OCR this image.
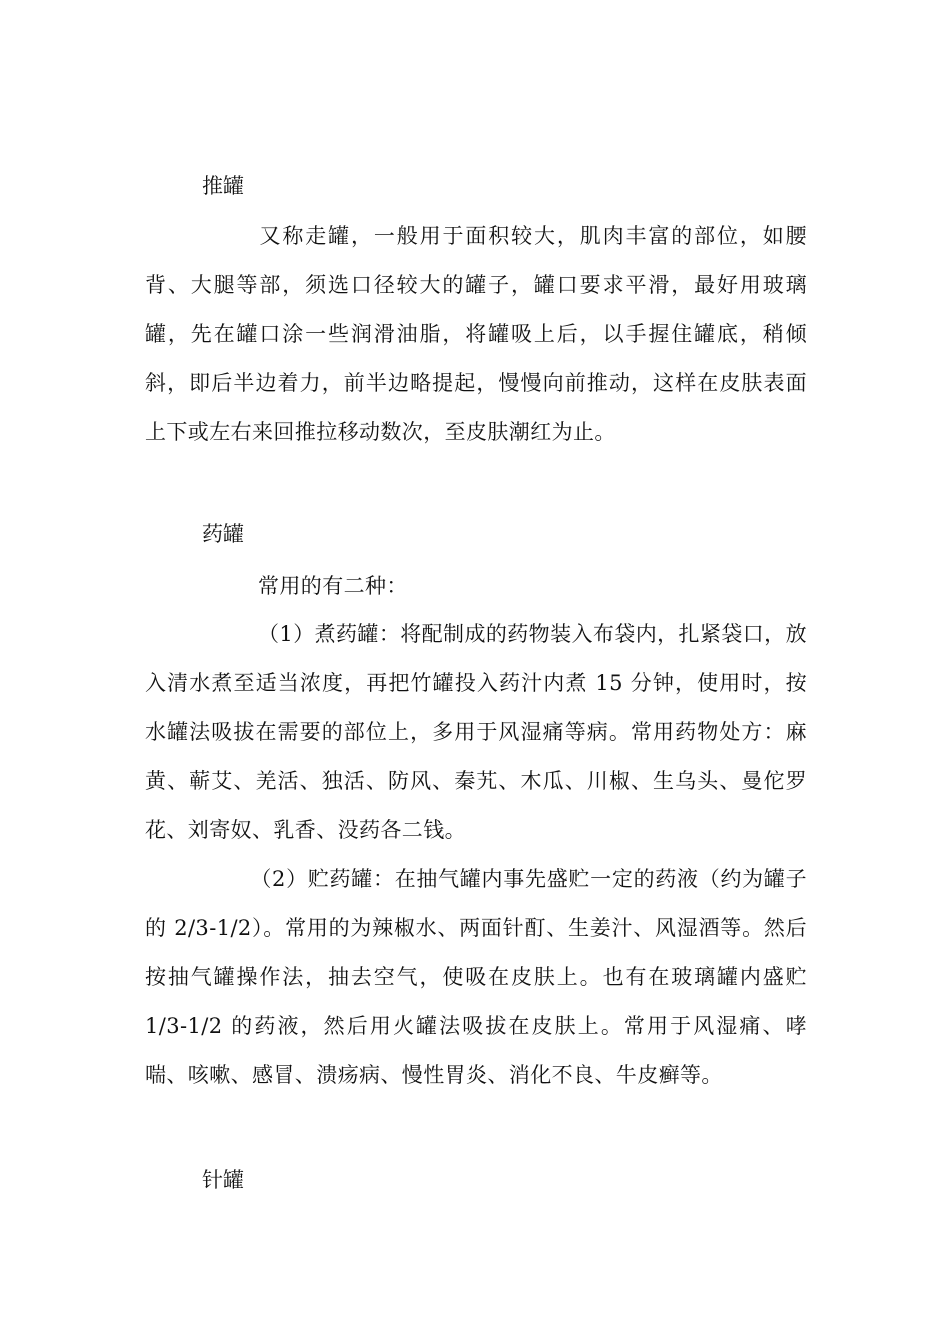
推罐

又称走罐，一般用于面积较大，肌肉丰富的部位，如腰背、大腿等部，须选口径较大的罐子，罐口要求平滑，最好用玻璃罐，先在罐口涂一些润滑油脂，将罐吸上后，以手握住罐底，稍倾斜，即后半边着力，前半边略提起，慢慢向前推动，这样在皮肤表面上下或左右来回推拉移动数次，至皮肤潮红为止。

药罐

常用的有二种：

（1）煮药罐：将配制成的药物装入布袋内，扎紧袋口，放入清水煮至适当浓度，再把竹罐投入药汁内煮 15 分钟，使用时，按水罐法吸拔在需要的部位上，多用于风湿痛等病。常用药物处方：麻黄、蕲艾、羌活、独活、防风、秦艽、木瓜、川椒、生乌头、曼佗罗花、刘寄奴、乳香、没药各二钱。

（2）贮药罐：在抽气罐内事先盛贮一定的药液（约为罐子的 2/3-1/2）。常用的为辣椒水、两面针酊、生姜汁、风湿酒等。然后按抽气罐操作法，抽去空气，使吸在皮肤上。也有在玻璃罐内盛贮1/3-1/2 的药液，然后用火罐法吸拔在皮肤上。常用于风湿痛、哮喘、咳嗽、感冒、溃疡病、慢性胃炎、消化不良、牛皮癣等。

针罐
